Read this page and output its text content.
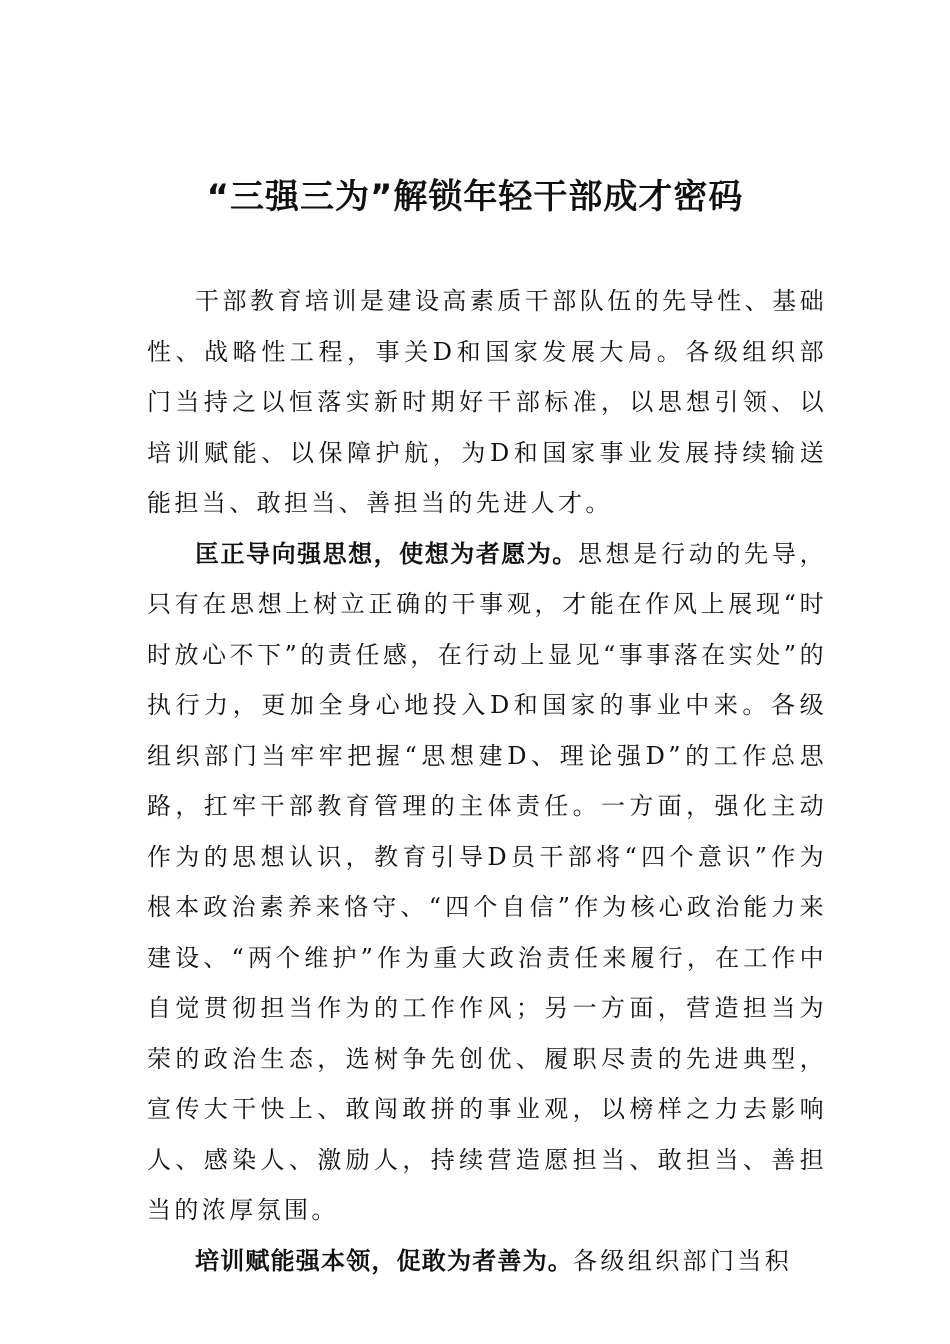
“三强三为”解锁年轻干部成才密码

干部教育培训是建设高素质干部队伍的先导性、基础性、战略性工程，事关D和国家发展大局。各级组织部门当持之以恒落实新时期好干部标准，以思想引领、以培训赋能、以保障护航，为D和国家事业发展持续输送能担当、敢担当、善担当的先进人才。

匡正导向强思想，使想为者愿为。思想是行动的先导，只有在思想上树立正确的干事观，才能在作风上展现“时时放心不下”的责任感，在行动上显见“事事落在实处”的执行力，更加全身心地投入D和国家的事业中来。各级组织部门当牢牢把握“思想建D、理论强D”的工作总思路，扛牢干部教育管理的主体责任。一方面，强化主动作为的思想认识，教育引导D员干部将“四个意识”作为根本政治素养来恪守、“四个自信”作为核心政治能力来建设、“两个维护”作为重大政治责任来履行，在工作中自觉贯彻担当作为的工作作风；另一方面，营造担当为荣的政治生态，选树争先创优、履职尽责的先进典型，宣传大干快上、敢闯敢拼的事业观，以榜样之力去影响人、感染人、激励人，持续营造愿担当、敢担当、善担当的浓厚氛围。

培训赋能强本领，促敢为者善为。各级组织部门当积
